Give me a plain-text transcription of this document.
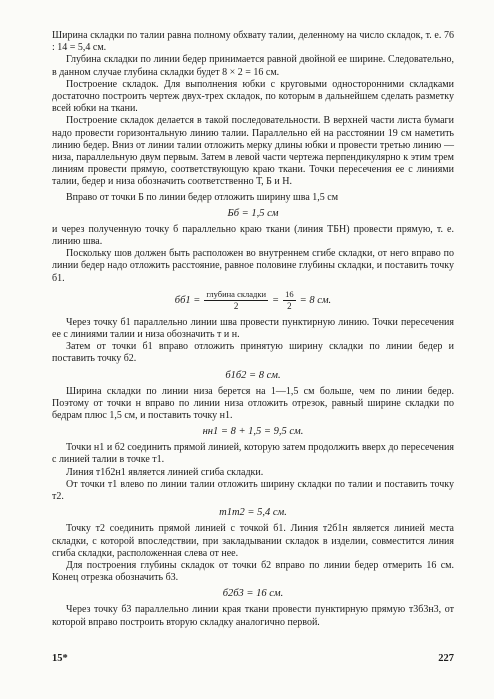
Ширина складки по талии равна полному обхвату талии, деленному на число складок, т. е. 76 : 14 = 5,4 см.

Глубина складки по линии бедер принимается равной двойной ее ширине. Следовательно, в данном случае глубина складки будет 8 × 2 = 16 см.

Построение складок. Для выполнения юбки с круговыми односторонними складками достаточно построить чертеж двух-трех складок, по которым в дальнейшем сделать разметку всей юбки на ткани.

Построение складок делается в такой последовательности. В верхней части листа бумаги надо провести горизонтальную линию талии. Параллельно ей на расстоянии 19 см наметить линию бедер. Вниз от линии талии отложить мерку длины юбки и провести третью линию — низа, параллельную двум первым. Затем в левой части чертежа перпендикулярно к этим трем линиям провести прямую, соответствующую краю ткани. Точки пересечения ее с линиями талии, бедер и низа обозначить соответственно Т, Б и Н.

Вправо от точки Б по линии бедер отложить ширину шва 1,5 см

Бб = 1,5 см

и через полученную точку б параллельно краю ткани (линия ТБН) провести прямую, т. е. линию шва.

Поскольку шов должен быть расположен во внутреннем сгибе складки, от него вправо по линии бедер надо отложить расстояние, равное половине глубины складки, и поставить точку б1.

$бб1 = \frac{\text{глубина складки}}{2} = \frac{16}{2} = 8$ см.

Через точку б1 параллельно линии шва провести пунктирную линию. Точки пересечения ее с линиями талии и низа обозначить т и н.

Затем от точки б1 вправо отложить принятую ширину складки по линии бедер и поставить точку б2.

б1б2 = 8 см.

Ширина складки по линии низа берется на 1—1,5 см больше, чем по линии бедер. Поэтому от точки н вправо по линии низа отложить отрезок, равный ширине складки по бедрам плюс 1,5 см, и поставить точку н1.

нн1 = 8 + 1,5 = 9,5 см.

Точки н1 и б2 соединить прямой линией, которую затем продолжить вверх до пересечения с линией талии в точке т1.

Линия т1б2н1 является линией сгиба складки.

От точки т1 влево по линии талии отложить ширину складки по талии и поставить точку т2.

т1т2 = 5,4 см.

Точку т2 соединить прямой линией с точкой б1. Линия т2б1н является линией места складки, с которой впоследствии, при закладывании складок в изделии, совместится линия сгиба складки, расположенная слева от нее.

Для построения глубины складок от точки б2 вправо по линии бедер отмерить 16 см. Конец отрезка обозначить б3.

б2б3 = 16 см.

Через точку б3 параллельно линии края ткани провести пунктирную прямую т3б3н3, от которой вправо построить вторую складку аналогично первой.

15*	227
